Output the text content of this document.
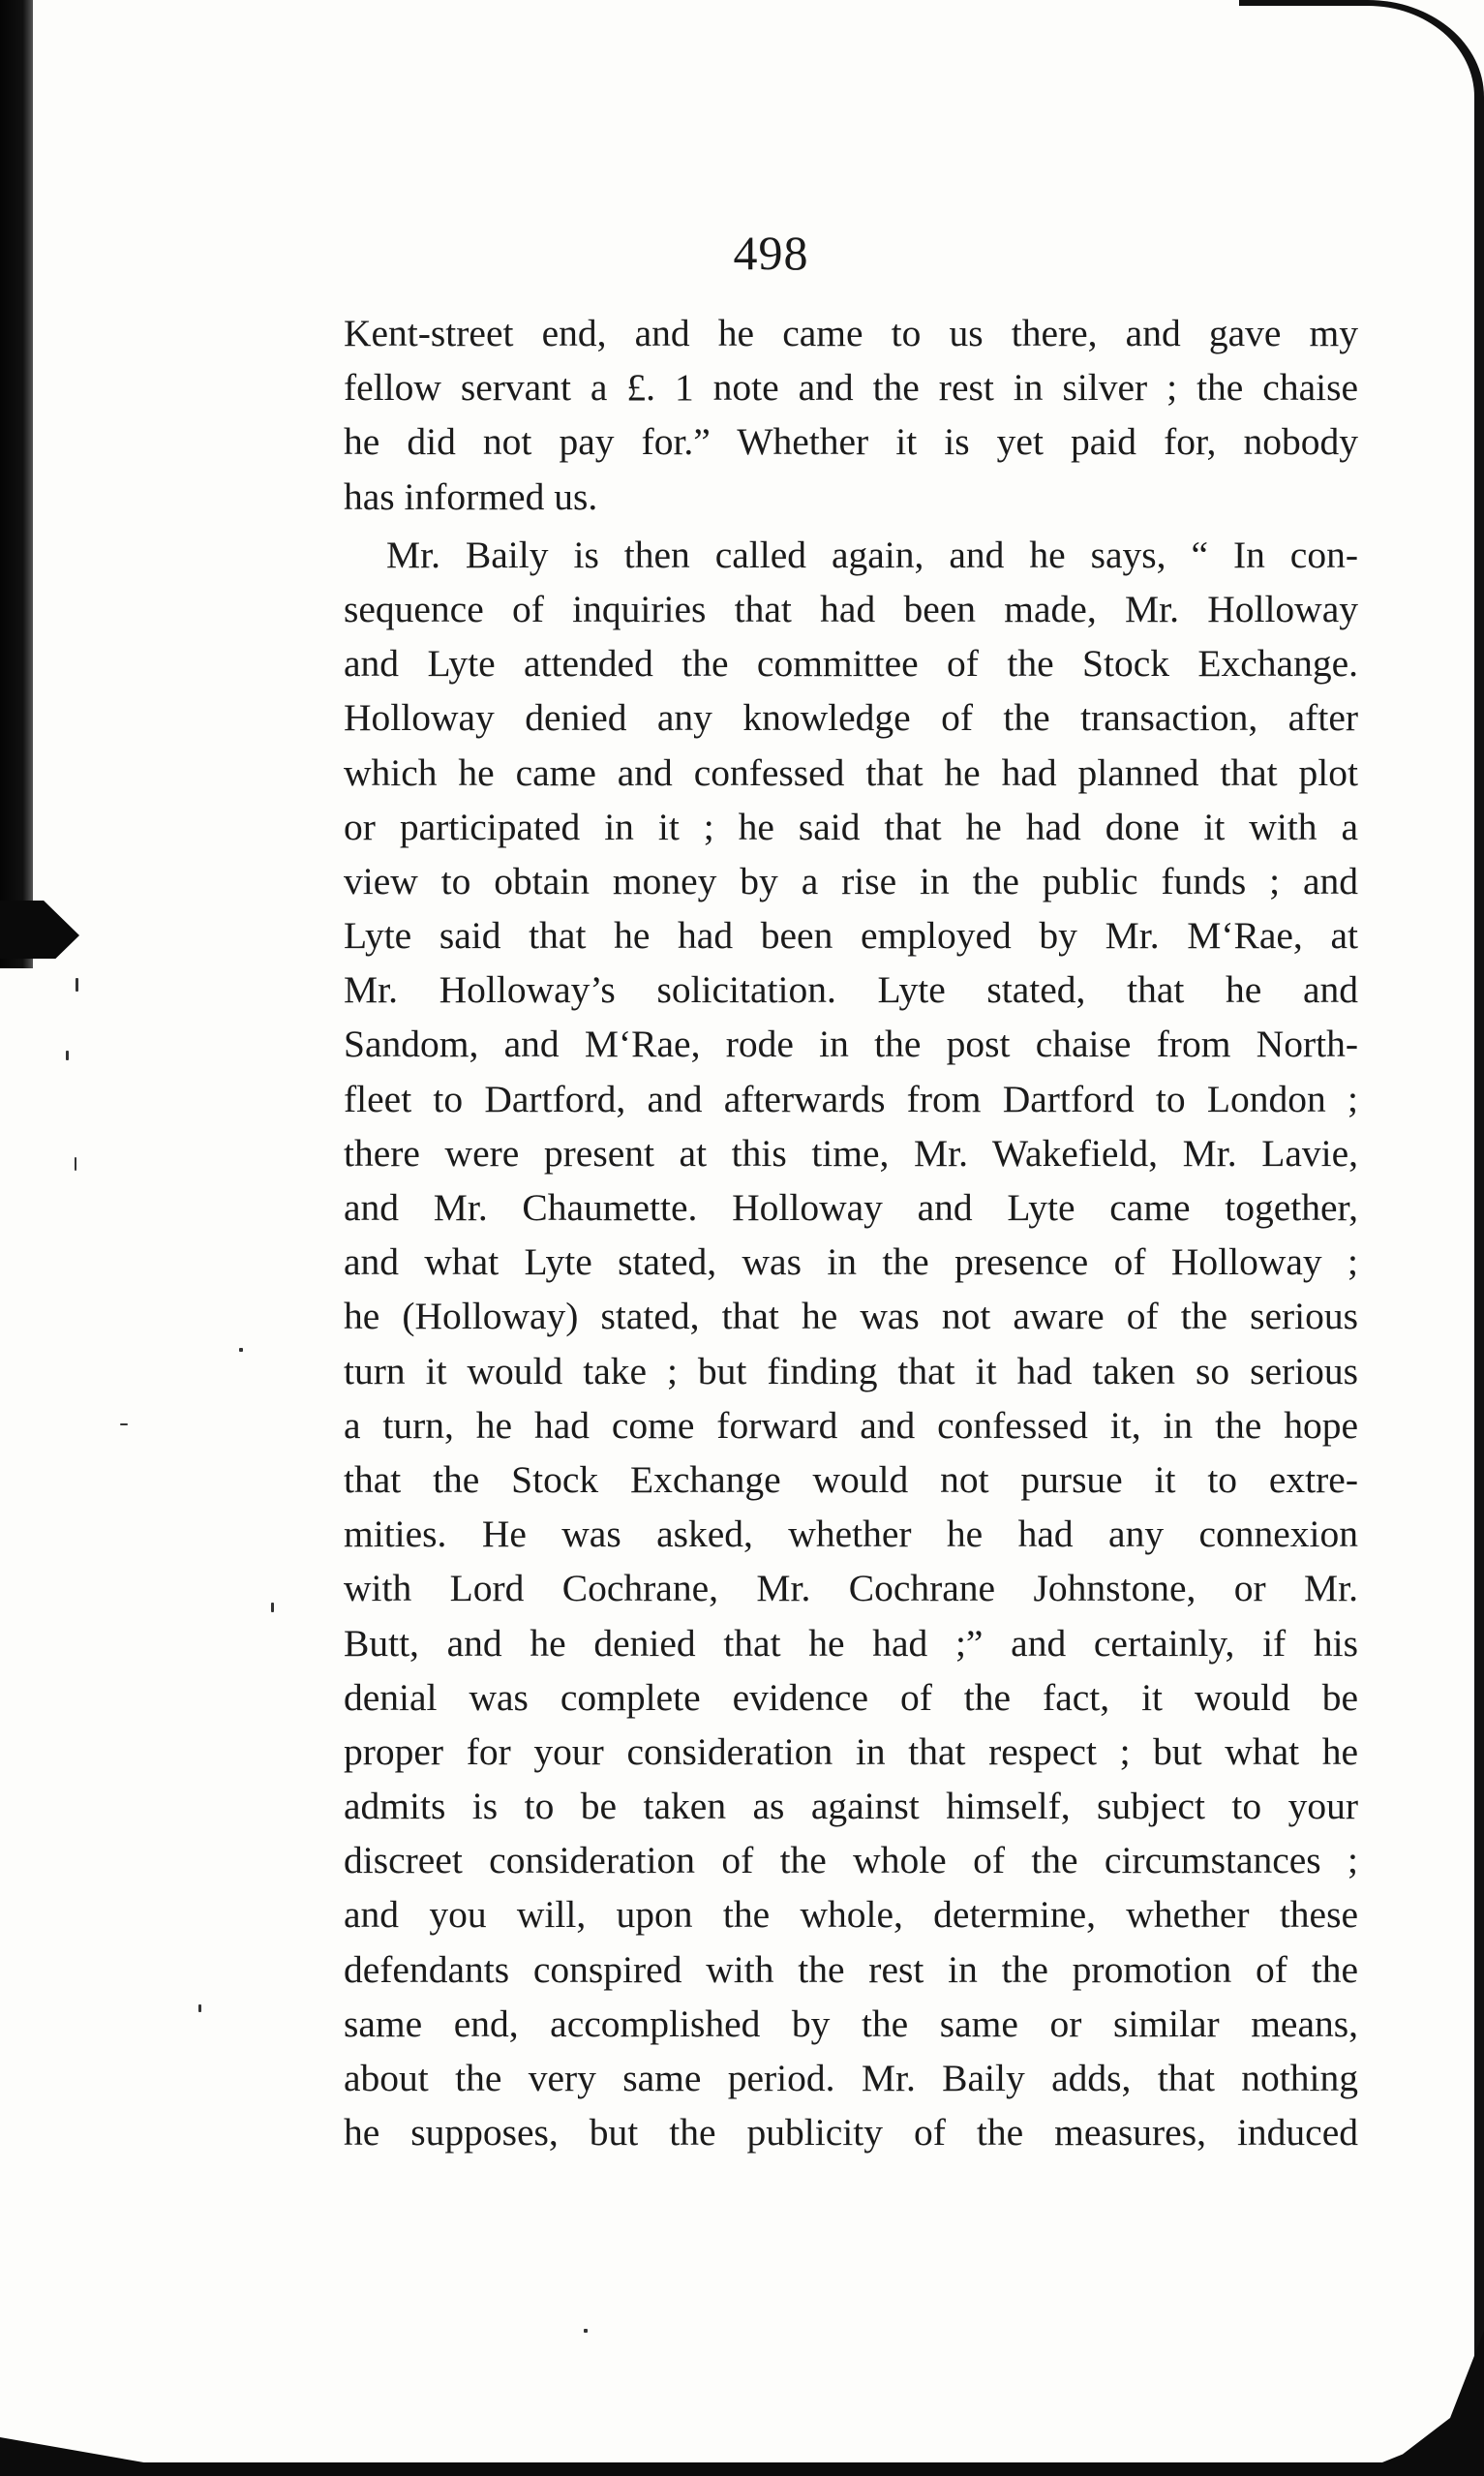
498
Kent-street end, and he came to us there, and gave my
fellow servant a £. 1 note and the rest in silver ; the chaise
he did not pay for.” Whether it is yet paid for, nobody
has informed us.
Mr. Baily is then called again, and he says, “ In con-
sequence of inquiries that had been made, Mr. Holloway
and Lyte attended the committee of the Stock Exchange.
Holloway denied any knowledge of the transaction, after
which he came and confessed that he had planned that plot
or participated in it ; he said that he had done it with a
view to obtain money by a rise in the public funds ; and
Lyte said that he had been employed by Mr. M‘Rae, at
Mr. Holloway’s solicitation. Lyte stated, that he and
Sandom, and M‘Rae, rode in the post chaise from North-
fleet to Dartford, and afterwards from Dartford to London ;
there were present at this time, Mr. Wakefield, Mr. Lavie,
and Mr. Chaumette. Holloway and Lyte came together,
and what Lyte stated, was in the presence of Holloway ;
he (Holloway) stated, that he was not aware of the serious
turn it would take ; but finding that it had taken so serious
a turn, he had come forward and confessed it, in the hope
that the Stock Exchange would not pursue it to extre-
mities. He was asked, whether he had any connexion
with Lord Cochrane, Mr. Cochrane Johnstone, or Mr.
Butt, and he denied that he had ;” and certainly, if his
denial was complete evidence of the fact, it would be
proper for your consideration in that respect ; but what he
admits is to be taken as against himself, subject to your
discreet consideration of the whole of the circumstances ;
and you will, upon the whole, determine, whether these
defendants conspired with the rest in the promotion of the
same end, accomplished by the same or similar means,
about the very same period. Mr. Baily adds, that nothing
he supposes, but the publicity of the measures, induced
